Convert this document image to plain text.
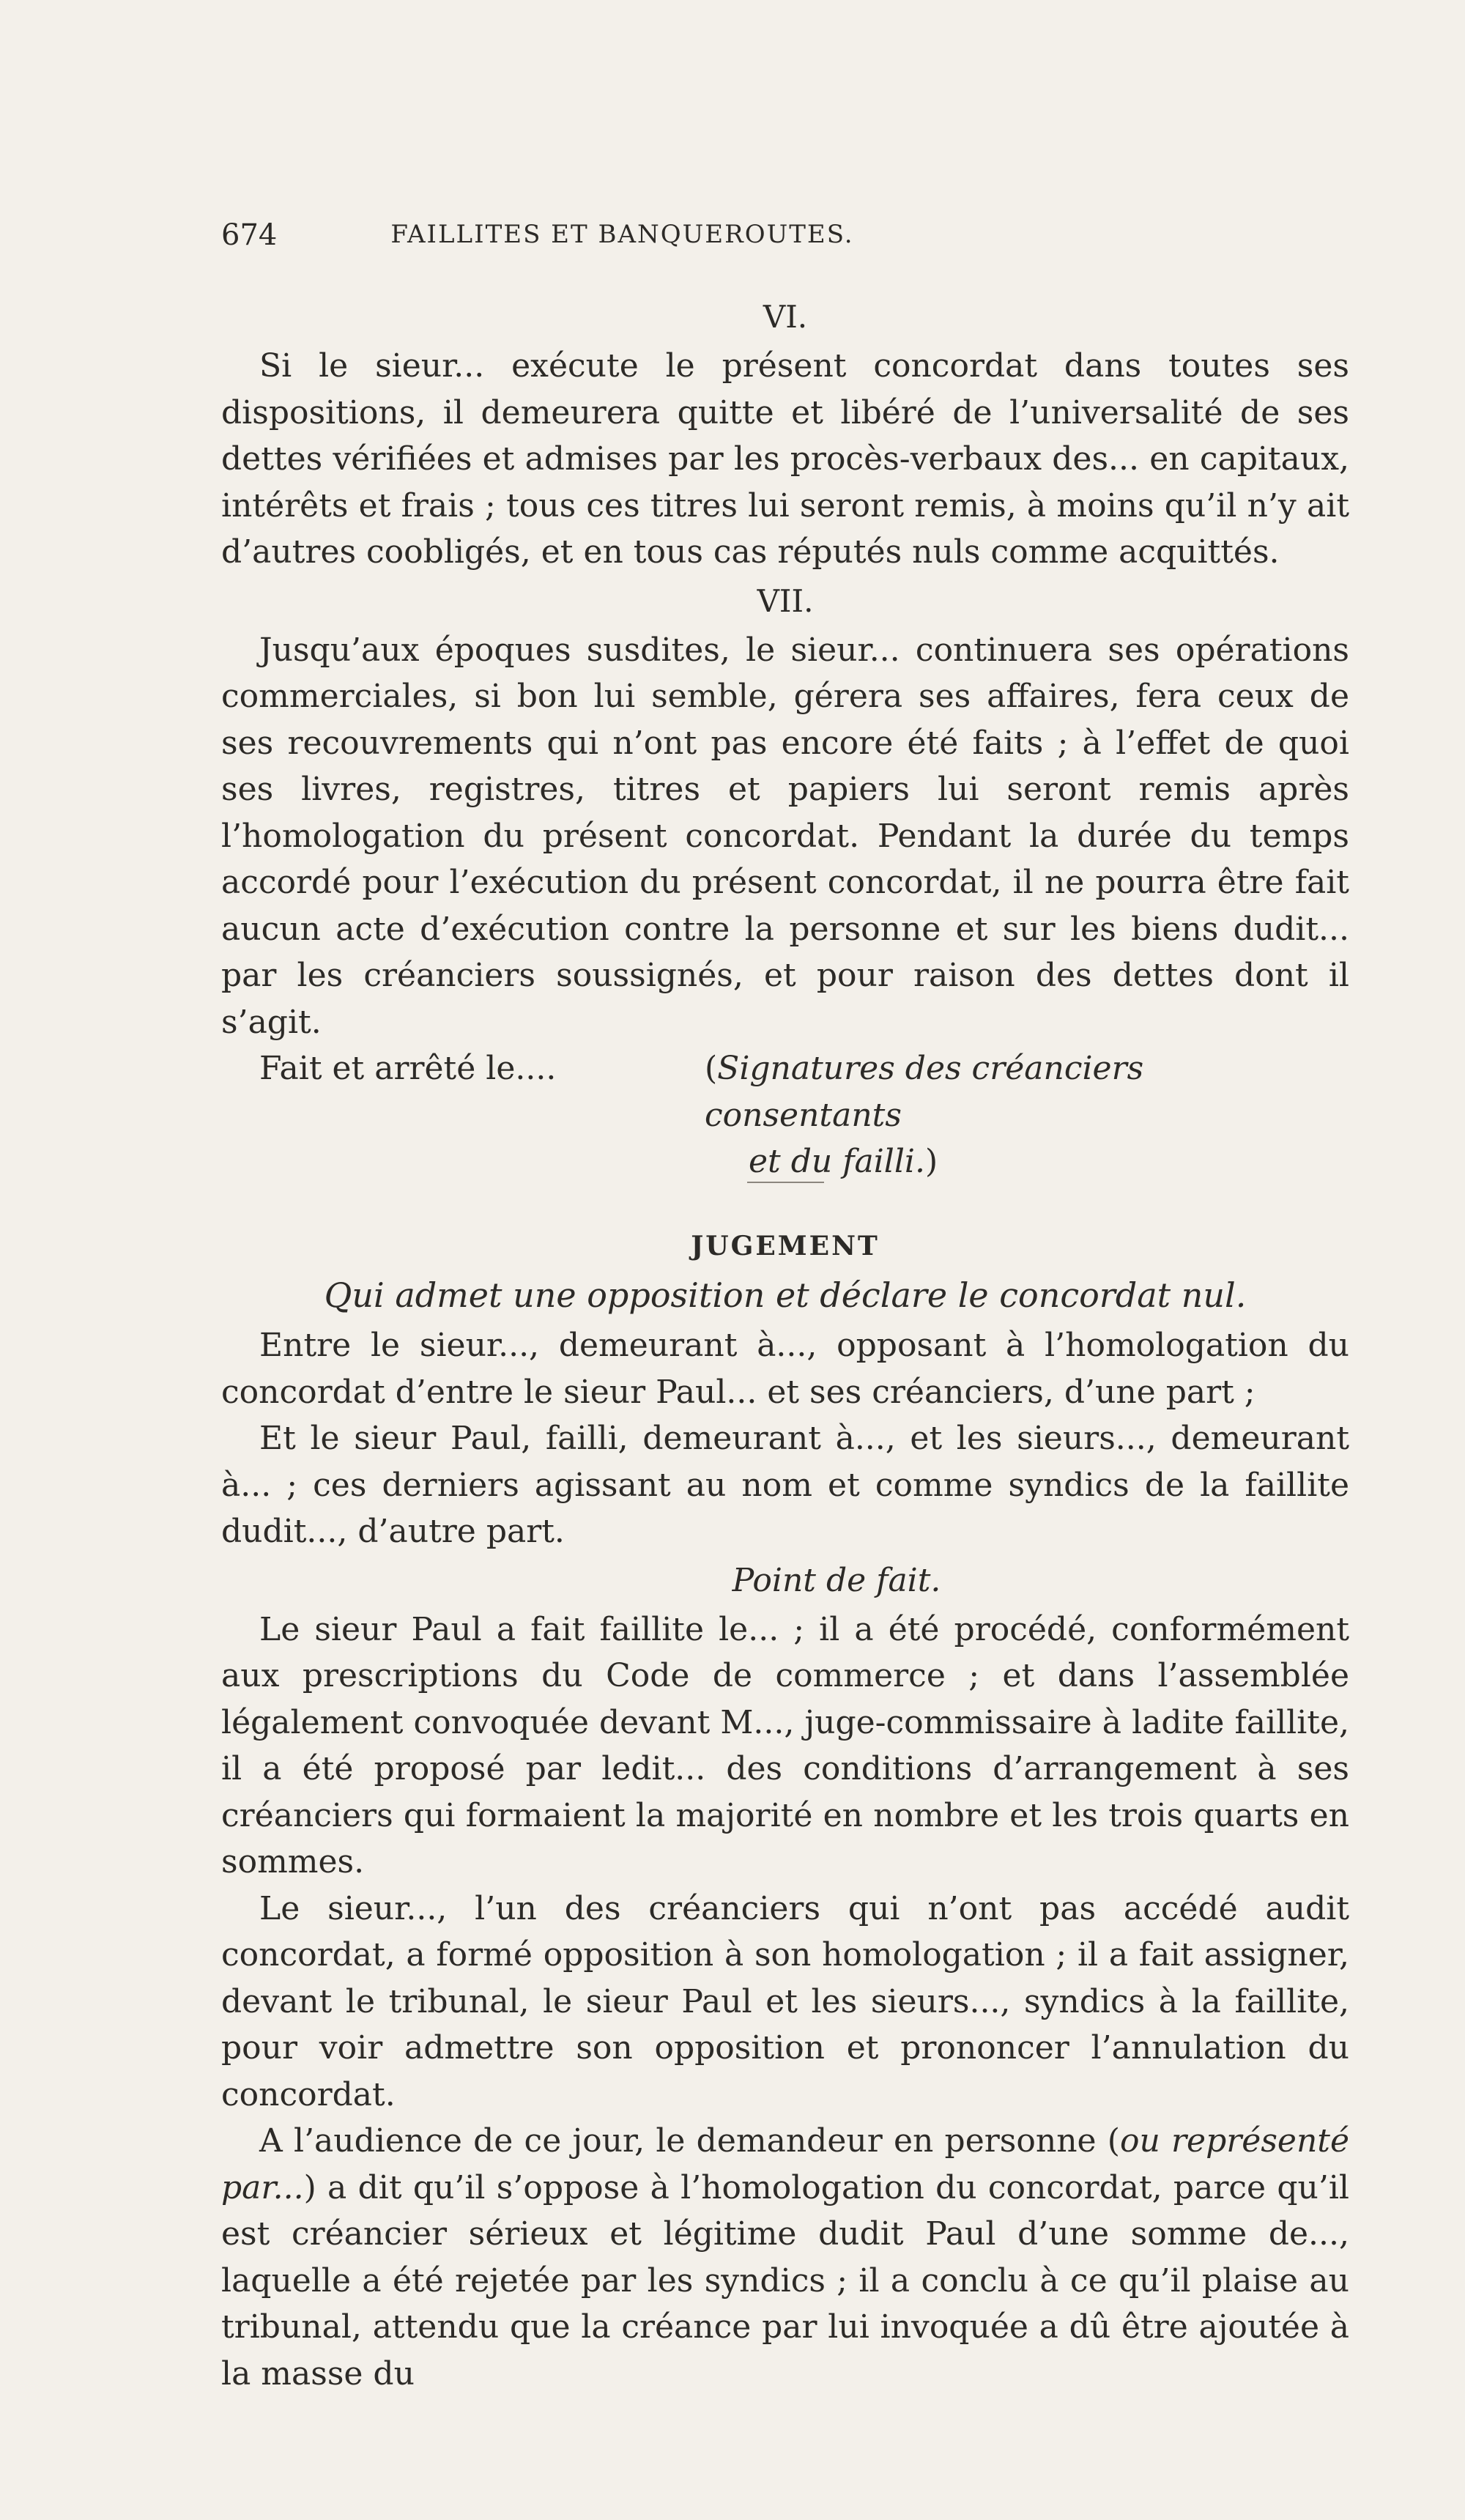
674	FAILLITES ET BANQUEROUTES.
VI.

Si le sieur... exécute le présent concordat dans toutes ses dispositions, il demeurera quitte et libéré de l’universalité de ses dettes vérifiées et admises par les procès-verbaux des... en capitaux, intérêts et frais ; tous ces titres lui seront remis, à moins qu’il n’y ait d’autres coobligés, et en tous cas réputés nuls comme acquittés.

VII.

Jusqu’aux époques susdites, le sieur... continuera ses opérations commerciales, si bon lui semble, gérera ses affaires, fera ceux de ses recouvrements qui n’ont pas encore été faits ; à l’effet de quoi ses livres, registres, titres et papiers lui seront remis après l’homologation du présent concordat. Pendant la durée du temps accordé pour l’exécution du présent concordat, il ne pourra être fait aucun acte d’exécution contre la personne et sur les biens dudit... par les créanciers soussignés, et pour raison des dettes dont il s’agit.

Fait et arrêté le....	(Signatures des créanciers consentants
et du failli.)
JUGEMENT
Qui admet une opposition et déclare le concordat nul.

Entre le sieur..., demeurant à..., opposant à l’homologation du concordat d’entre le sieur Paul... et ses créanciers, d’une part ;

Et le sieur Paul, failli, demeurant à..., et les sieurs..., demeurant à... ; ces derniers agissant au nom et comme syndics de la faillite dudit..., d’autre part.

Point de fait.

Le sieur Paul a fait faillite le... ; il a été procédé, conformément aux prescriptions du Code de commerce ; et dans l’assemblée légalement convoquée devant M..., juge-commissaire à ladite faillite, il a été proposé par ledit... des conditions d’arrangement à ses créanciers qui formaient la majorité en nombre et les trois quarts en sommes.

Le sieur..., l’un des créanciers qui n’ont pas accédé audit concordat, a formé opposition à son homologation ; il a fait assigner, devant le tribunal, le sieur Paul et les sieurs..., syndics à la faillite, pour voir admettre son opposition et prononcer l’annulation du concordat.

A l’audience de ce jour, le demandeur en personne (ou représenté par...) a dit qu’il s’oppose à l’homologation du concordat, parce qu’il est créancier sérieux et légitime dudit Paul d’une somme de..., laquelle a été rejetée par les syndics ; il a conclu à ce qu’il plaise au tribunal, attendu que la créance par lui invoquée a dû être ajoutée à la masse du
